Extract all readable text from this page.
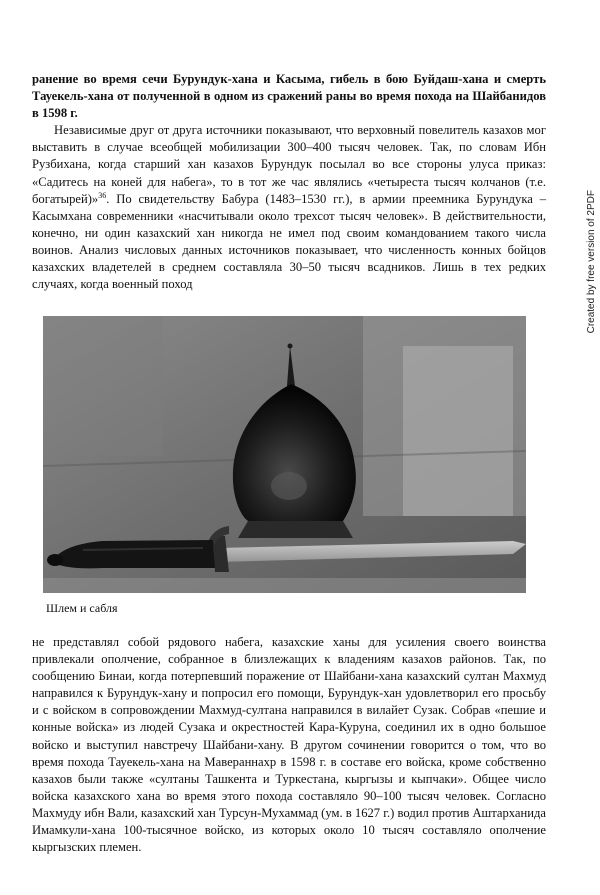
Created by free version of 2PDF

ранение во время сечи Бурундук-хана и Касыма, гибель в бою Буйдаш-хана и смерть Тауекель-хана от полученной в одном из сражений раны во время похода на Шайбанидов в 1598 г.

Независимые друг от друга источники показывают, что верховный повелитель казахов мог выставить в случае всеобщей мобилизации 300–400 тысяч человек. Так, по словам Ибн Рузбихана, когда старший хан казахов Бурундук посылал во все стороны улуса приказ: «Садитесь на коней для набега», то в тот же час являлись «четыреста тысяч колчанов (т.е. богатырей)»$^{36}$. По свидетельству Бабура (1483–1530 гг.), в армии преемника Бурундука – Касымхана современники «насчитывали около трехсот тысяч человек». В действительности, конечно, ни один казахский хан никогда не имел под своим командованием такого числа воинов. Анализ числовых данных источников показывает, что численность конных бойцов казахских владетелей в среднем составляла 30–50 тысяч всадников. Лишь в тех редких случаях, когда военный поход

Шлем и сабля

не представлял собой рядового набега, казахские ханы для усиления своего воинства привлекали ополчение, собранное в близлежащих к владениям казахов районов. Так, по сообщению Бинаи, когда потерпевший поражение от Шайбани-хана казахский султан Махмуд направился к Бурундук-хану и попросил его помощи, Бурундук-хан удовлетворил его просьбу и с войском в сопровождении Махмуд-султана направился в вилайет Сузак. Собрав «пешие и конные войска» из людей Сузака и окрестностей Кара-Куруна, соединил их в одно большое войско и выступил навстречу Шайбани-хану. В другом сочинении говорится о том, что во время похода Тауекель-хана на Мавераннахр в 1598 г. в составе его войска, кроме собственно казахов были также «султаны Ташкента и Туркестана, кыргызы и кыпчаки». Общее число войска казахского хана во время этого похода составляло 90–100 тысяч человек. Согласно Махмуду ибн Вали, казахский хан Турсун-Мухаммад (ум. в 1627 г.) водил против Аштарханида Имамкули-хана 100-тысячное войско, из которых около 10 тысяч составляло ополчение кыргызских племен.
